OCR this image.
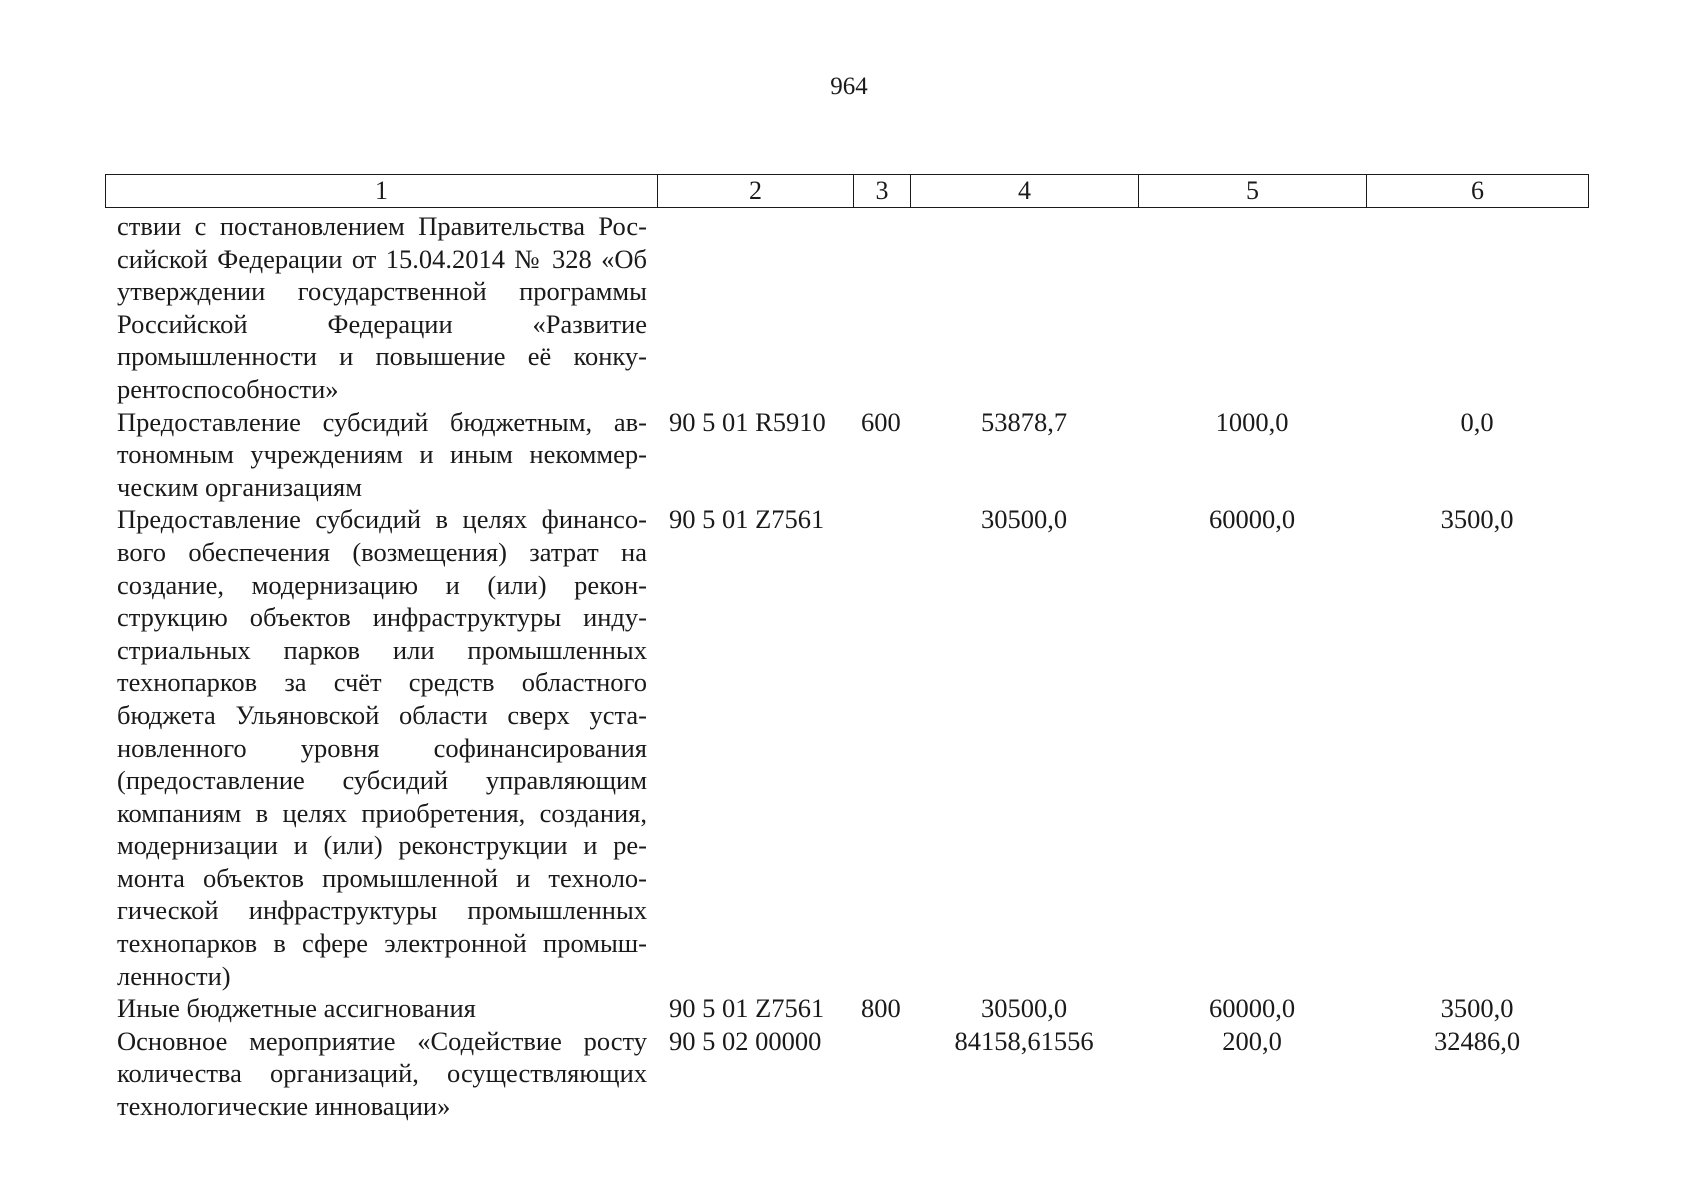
964
1	2	3	4	5	6
ствии с постановлением Правительства Российской Федерации от 15.04.2014 № 328 «Об утверждении государственной программы Российской Федерации «Развитие промышленности и повышение её конкурентоспособности»					
Предоставление субсидий бюджетным, автономным учреждениям и иным некоммерческим организациям	90 5 01 R5910	600	53878,7	1000,0	0,0
Предоставление субсидий в целях финансового обеспечения (возмещения) затрат на создание, модернизацию и (или) реконструкцию объектов инфраструктуры индустриальных парков или промышленных технопарков за счёт средств областного бюджета Ульяновской области сверх установленного уровня софинансирования (предоставление субсидий управляющим компаниям в целях приобретения, создания, модернизации и (или) реконструкции и ремонта объектов промышленной и технологической инфраструктуры промышленных технопарков в сфере электронной промышленности)	90 5 01 Z7561		30500,0	60000,0	3500,0
Иные бюджетные ассигнования	90 5 01 Z7561	800	30500,0	60000,0	3500,0
Основное мероприятие «Содействие росту количества организаций, осуществляющих технологические инновации»	90 5 02 00000		84158,61556	200,0	32486,0
